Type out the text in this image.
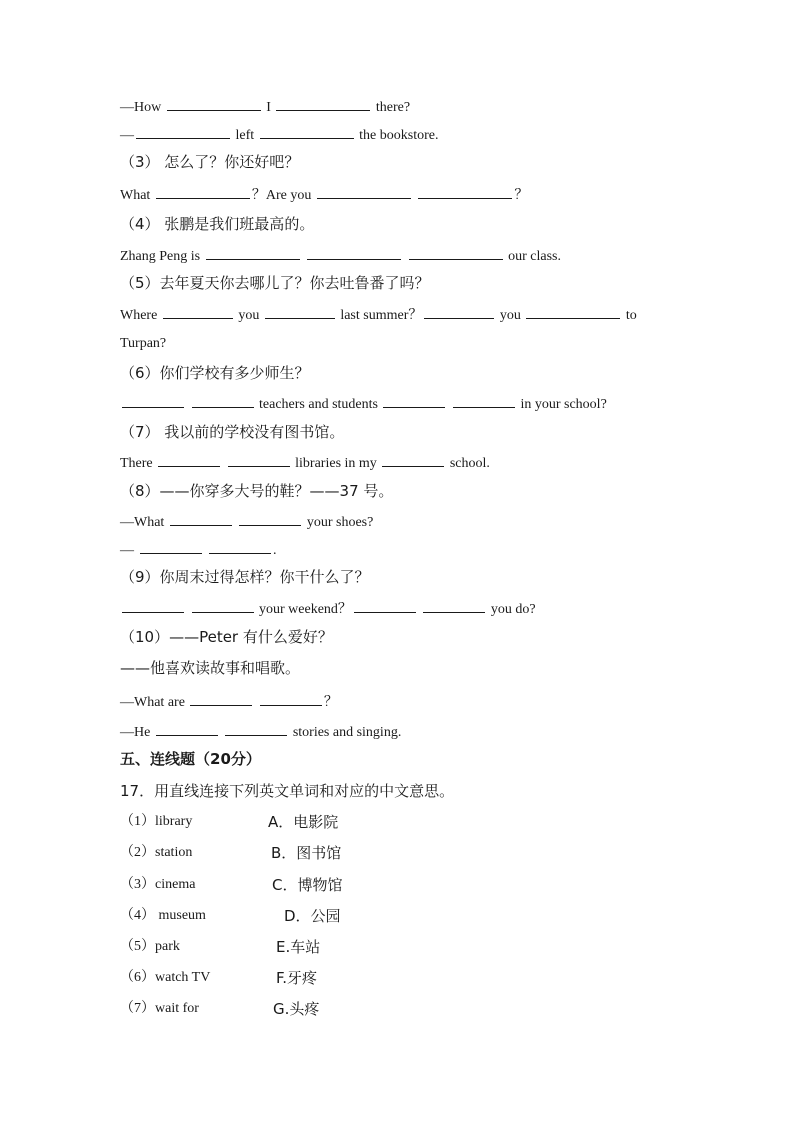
—How	I	there?
—	left	the bookstore.
（3） 怎么了？你还好吧？
What	？Are you	？
（4） 张鹏是我们班最高的。
Zhang Peng is	our class.
（5）去年夏天你去哪儿了？你去吐鲁番了吗？
Where	you	last summer？	you	to
Turpan?
（6）你们学校有多少师生？
teachers and students	in your school?
（7） 我以前的学校没有图书馆。
There	libraries in my	school.
（8）——你穿多大号的鞋？——37 号。
—What	your shoes?
—	.
（9）你周末过得怎样？你干什么了？
your weekend？	you do?
（10）——Peter 有什么爱好？
——他喜欢读故事和唱歌。
—What are	？
—He	stories and singing.
五、连线题（20分）
17．用直线连接下列英文单词和对应的中文意思。
（1）library	A．电影院
（2）station	B．图书馆
（3）cinema	C．博物馆
（4） museum	D．公园
（5）park	E.车站
（6）watch TV	F.牙疼
（7）wait for	G.头疼
